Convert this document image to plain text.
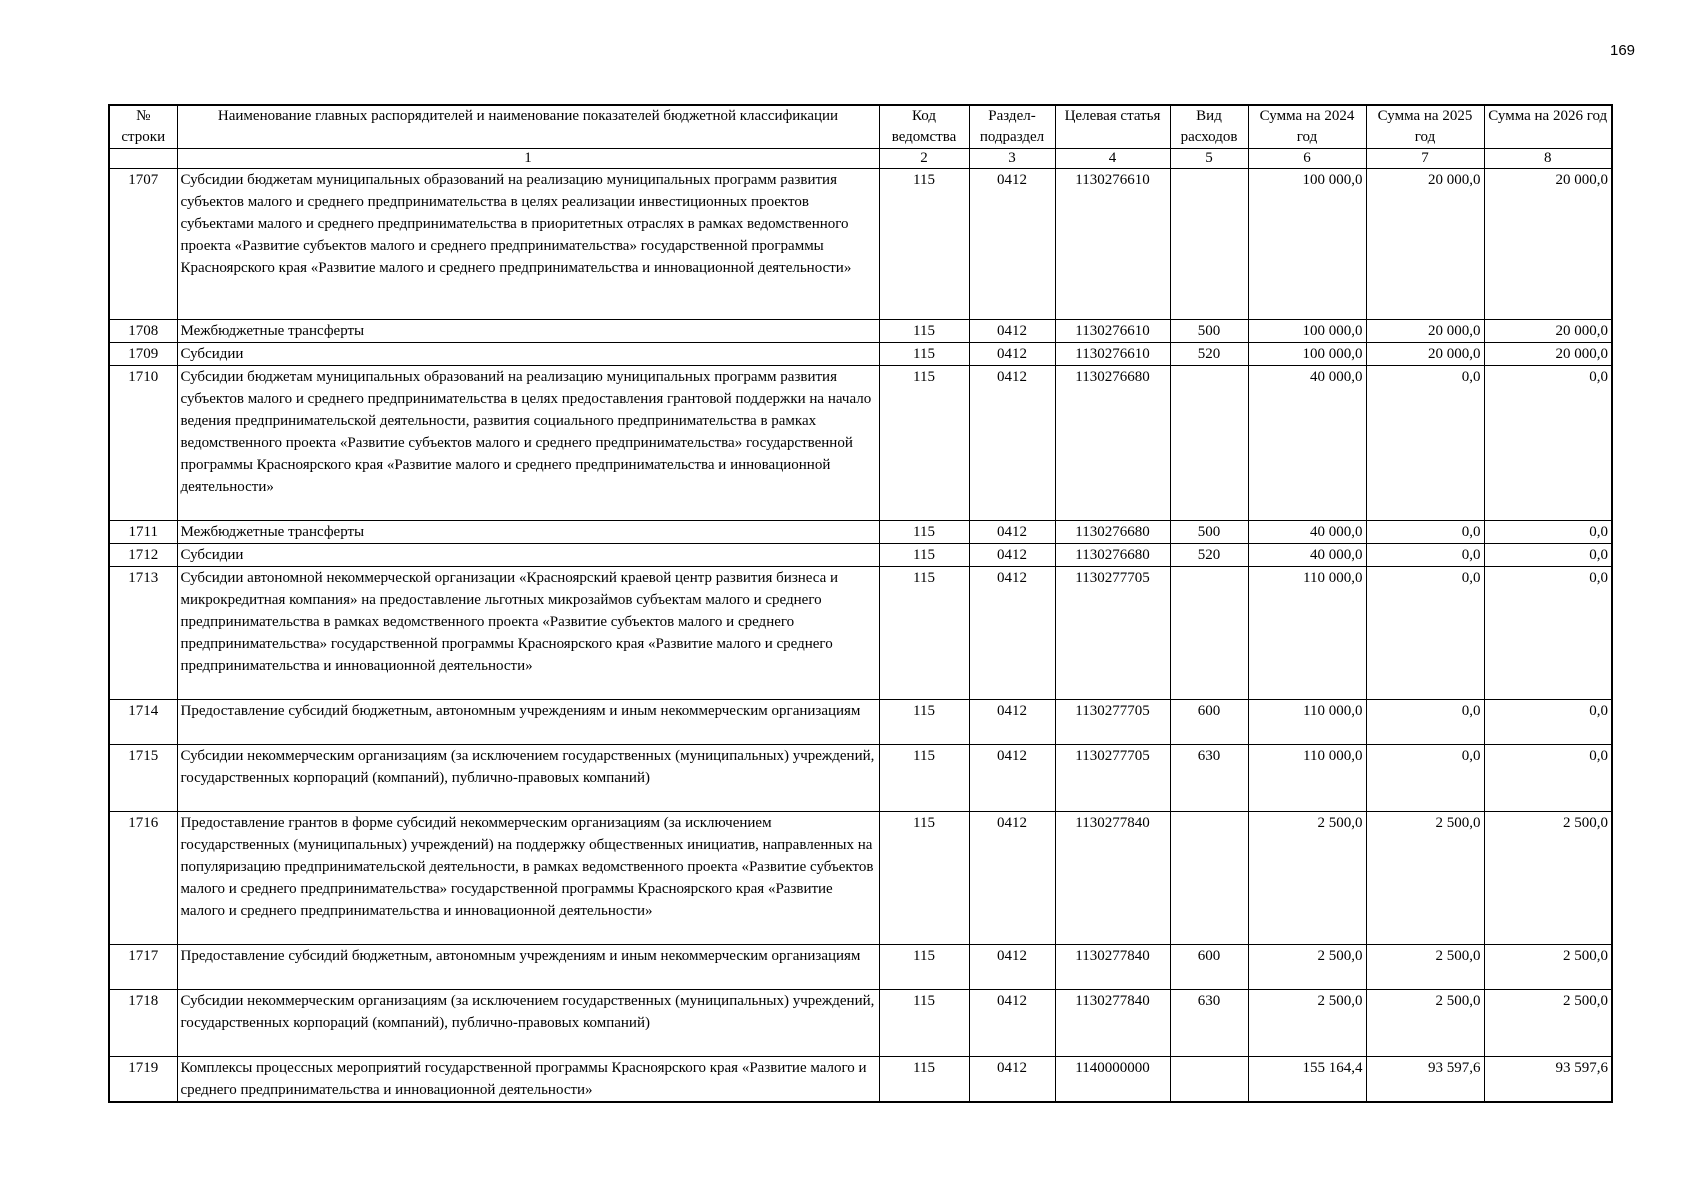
169
№ строки	Наименование главных распорядителей и наименование показателей бюджетной классификации	Код ведомства	Раздел-подраздел	Целевая статья	Вид расходов	Сумма на 2024 год	Сумма на 2025 год	Сумма на 2026 год
	1	2	3	4	5	6	7	8
1707	Субсидии бюджетам муниципальных образований на реализацию муниципальных программ развития субъектов малого и среднего предпринимательства в целях реализации инвестиционных проектов субъектами малого и среднего предпринимательства в приоритетных отраслях в рамках ведомственного проекта «Развитие субъектов малого и среднего предпринимательства» государственной программы Красноярского края «Развитие малого и среднего предпринимательства и инновационной деятельности»	115	0412	1130276610		100 000,0	20 000,0	20 000,0
1708	Межбюджетные трансферты	115	0412	1130276610	500	100 000,0	20 000,0	20 000,0
1709	Субсидии	115	0412	1130276610	520	100 000,0	20 000,0	20 000,0
1710	Субсидии бюджетам муниципальных образований на реализацию муниципальных программ развития субъектов малого и среднего предпринимательства в целях предоставления грантовой поддержки на начало ведения предпринимательской деятельности, развития социального предпринимательства в рамках ведомственного проекта «Развитие субъектов малого и среднего предпринимательства» государственной программы Красноярского края «Развитие малого и среднего предпринимательства и инновационной деятельности»	115	0412	1130276680		40 000,0	0,0	0,0
1711	Межбюджетные трансферты	115	0412	1130276680	500	40 000,0	0,0	0,0
1712	Субсидии	115	0412	1130276680	520	40 000,0	0,0	0,0
1713	Субсидии автономной некоммерческой организации «Красноярский краевой центр развития бизнеса и микрокредитная компания» на предоставление льготных микрозаймов субъектам малого и среднего предпринимательства в рамках ведомственного проекта «Развитие субъектов малого и среднего предпринимательства» государственной программы Красноярского края «Развитие малого и среднего предпринимательства и инновационной деятельности»	115	0412	1130277705		110 000,0	0,0	0,0
1714	Предоставление субсидий бюджетным, автономным учреждениям и иным некоммерческим организациям	115	0412	1130277705	600	110 000,0	0,0	0,0
1715	Субсидии некоммерческим организациям (за исключением государственных (муниципальных) учреждений, государственных корпораций (компаний), публично-правовых компаний)	115	0412	1130277705	630	110 000,0	0,0	0,0
1716	Предоставление грантов в форме субсидий некоммерческим организациям (за исключением государственных (муниципальных) учреждений) на поддержку общественных инициатив, направленных на популяризацию предпринимательской деятельности, в рамках ведомственного проекта «Развитие субъектов малого и среднего предпринимательства» государственной программы Красноярского края «Развитие малого и среднего предпринимательства и инновационной деятельности»	115	0412	1130277840		2 500,0	2 500,0	2 500,0
1717	Предоставление субсидий бюджетным, автономным учреждениям и иным некоммерческим организациям	115	0412	1130277840	600	2 500,0	2 500,0	2 500,0
1718	Субсидии некоммерческим организациям (за исключением государственных (муниципальных) учреждений, государственных корпораций (компаний), публично-правовых компаний)	115	0412	1130277840	630	2 500,0	2 500,0	2 500,0
1719	Комплексы процессных мероприятий государственной программы Красноярского края «Развитие малого и среднего предпринимательства и инновационной деятельности»	115	0412	1140000000		155 164,4	93 597,6	93 597,6
